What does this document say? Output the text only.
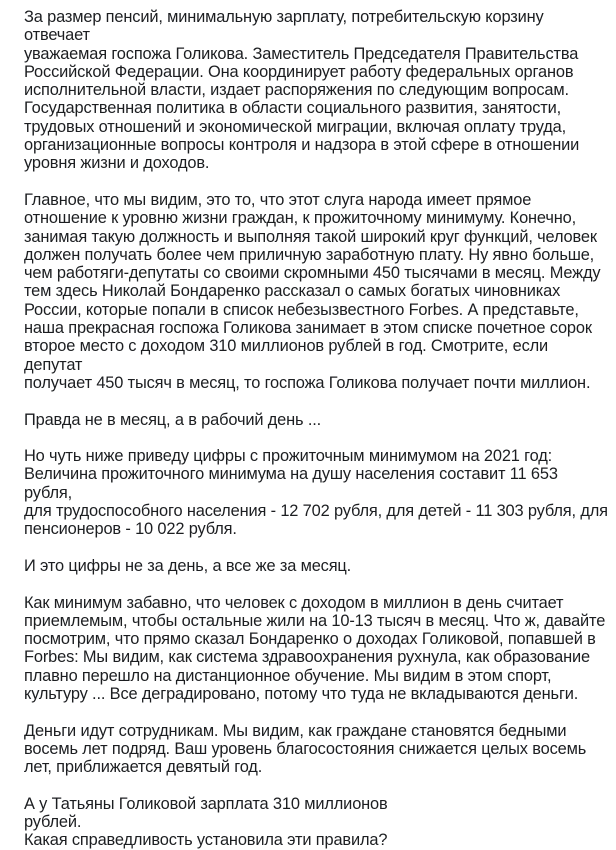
За размер пенсий, минимальную зарплату, потребительскую корзину отвечает
уважаемая госпожа Голикова. Заместитель Председателя Правительства
Российской Федерации. Она координирует работу федеральных органов
исполнительной власти, издает распоряжения по следующим вопросам.
Государственная политика в области социального развития, занятости,
трудовых отношений и экономической миграции, включая оплату труда,
организационные вопросы контроля и надзора в этой сфере в отношении
уровня жизни и доходов.

Главное, что мы видим, это то, что этот слуга народа имеет прямое
отношение к уровню жизни граждан, к прожиточному минимуму. Конечно,
занимая такую должность и выполняя такой широкий круг функций, человек
должен получать более чем приличную заработную плату. Ну явно больше,
чем работяги-депутаты со своими скромными 450 тысячами в месяц. Между
тем здесь Николай Бондаренко рассказал о самых богатых чиновниках
России, которые попали в список небезызвестного Forbes. А представьте,
наша прекрасная госпожа Голикова занимает в этом списке почетное сорок
второе место с доходом 310 миллионов рублей в год. Смотрите, если депутат
получает 450 тысяч в месяц, то госпожа Голикова получает почти миллион.

Правда не в месяц, а в рабочий день ...

Но чуть ниже приведу цифры с прожиточным минимумом на 2021 год:
Величина прожиточного минимума на душу населения составит 11 653 рубля,
для трудоспособного населения - 12 702 рубля, для детей - 11 303 рубля, для
пенсионеров - 10 022 рубля.

И это цифры не за день, а все же за месяц.

Как минимум забавно, что человек с доходом в миллион в день считает
приемлемым, чтобы остальные жили на 10-13 тысяч в месяц. Что ж, давайте
посмотрим, что прямо сказал Бондаренко о доходах Голиковой, попавшей в
Forbes: Мы видим, как система здравоохранения рухнула, как образование
плавно перешло на дистанционное обучение. Мы видим в этом спорт,
культуру ... Все деградировано, потому что туда не вкладываются деньги.

Деньги идут сотрудникам. Мы видим, как граждане становятся бедными
восемь лет подряд. Ваш уровень благосостояния снижается целых восемь
лет, приближается девятый год.

А у Татьяны Голиковой зарплата 310 миллионов
рублей.
Какая справедливость установила эти правила?
